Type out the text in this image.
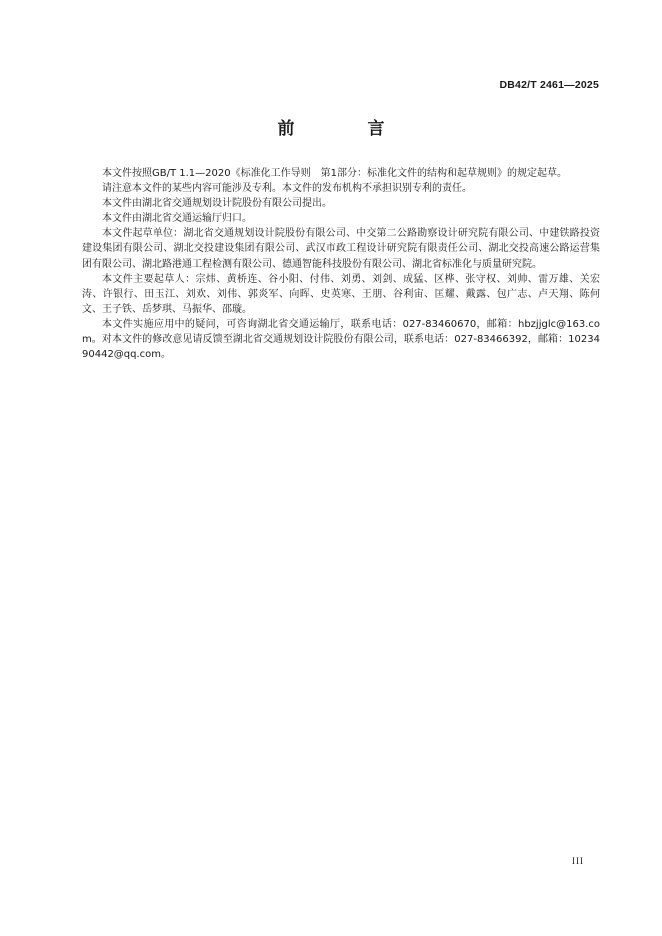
DB42/T 2461—2025
前　言

本文件按照GB/T 1.1—2020《标准化工作导则　第1部分：标准化文件的结构和起草规则》的规定起草。

请注意本文件的某些内容可能涉及专利。本文件的发布机构不承担识别专利的责任。

本文件由湖北省交通规划设计院股份有限公司提出。

本文件由湖北省交通运输厅归口。

本文件起草单位：湖北省交通规划设计院股份有限公司、中交第二公路勘察设计研究院有限公司、中建铁路投资建设集团有限公司、湖北交投建设集团有限公司、武汉市政工程设计研究院有限责任公司、湖北交投高速公路运营集团有限公司、湖北路港通工程检测有限公司、德通智能科技股份有限公司、湖北省标准化与质量研究院。

本文件主要起草人：宗炜、黄桥连、谷小阳、付伟、刘勇、刘剑、成猛、区桦、张守权、刘帅、雷万雄、关宏涛、许银行、田玉江、刘欢、刘伟、郭炎军、向晖、史英寒、王朋、谷利宙、匡耀、戴露、包广志、卢天翔、陈何文、王子铁、岳梦琪、马振华、邵璇。

本文件实施应用中的疑问，可咨询湖北省交通运输厅，联系电话：027-83460670，邮箱：hbzjjglc@163.com。对本文件的修改意见请反馈至湖北省交通规划设计院股份有限公司，联系电话：027-83466392，邮箱：1023490442@qq.com。

III
